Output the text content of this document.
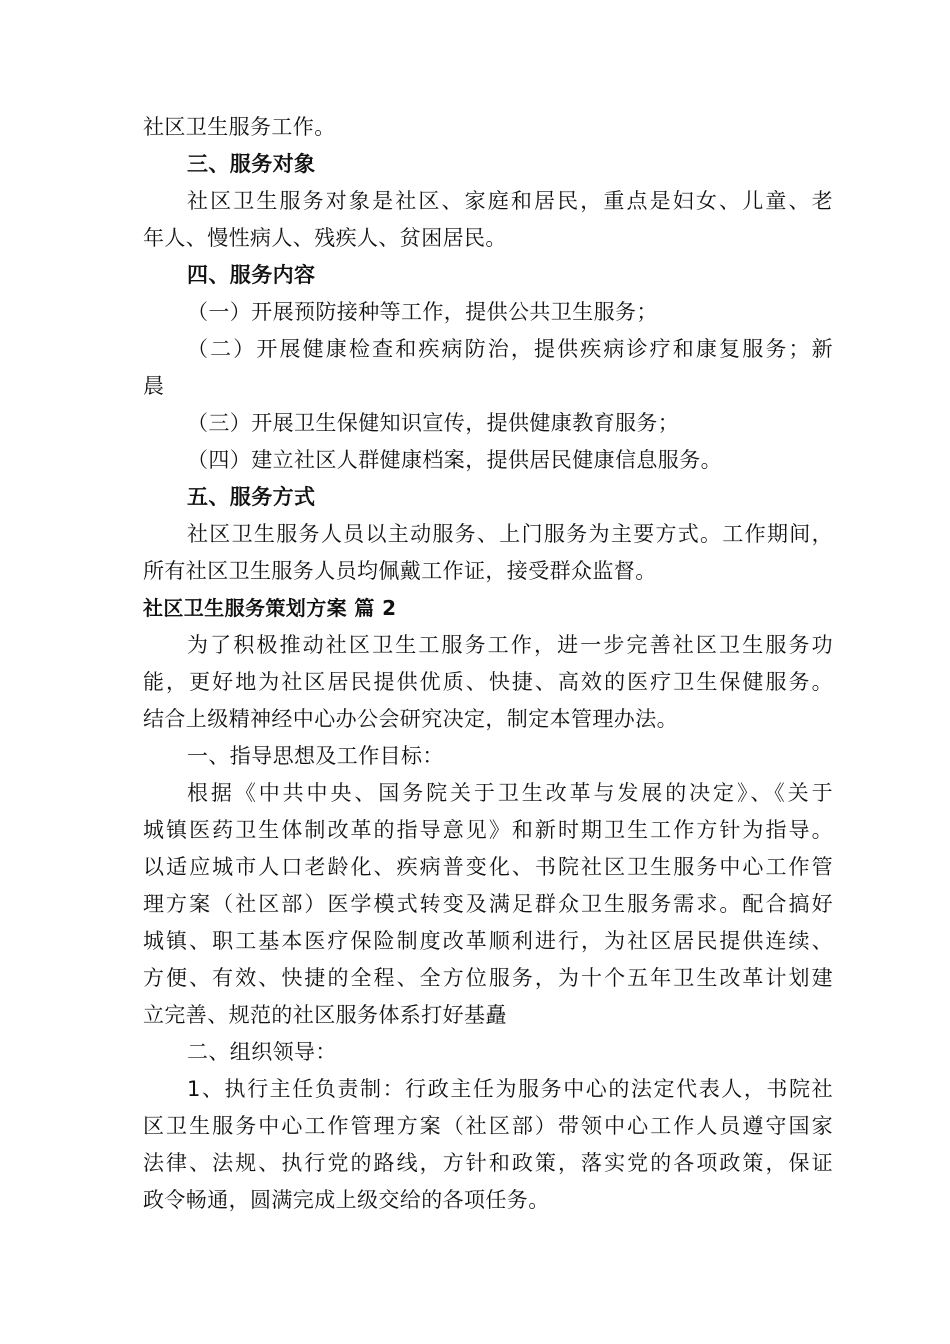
社区卫生服务工作。
三、服务对象
社区卫生服务对象是社区、家庭和居民，重点是妇女、儿童、老
年人、慢性病人、残疾人、贫困居民。
四、服务内容
（一）开展预防接种等工作，提供公共卫生服务；
（二）开展健康检查和疾病防治，提供疾病诊疗和康复服务；新
晨
（三）开展卫生保健知识宣传，提供健康教育服务；
（四）建立社区人群健康档案，提供居民健康信息服务。
五、服务方式
社区卫生服务人员以主动服务、上门服务为主要方式。工作期间，
所有社区卫生服务人员均佩戴工作证，接受群众监督。
社区卫生服务策划方案 篇 2
为了积极推动社区卫生工服务工作，进一步完善社区卫生服务功
能，更好地为社区居民提供优质、快捷、高效的医疗卫生保健服务。
结合上级精神经中心办公会研究决定，制定本管理办法。
一、指导思想及工作目标：
根据《中共中央、国务院关于卫生改革与发展的决定》、《关于
城镇医药卫生体制改革的指导意见》和新时期卫生工作方针为指导。
以适应城市人口老龄化、疾病普变化、书院社区卫生服务中心工作管
理方案（社区部）医学模式转变及满足群众卫生服务需求。配合搞好
城镇、职工基本医疗保险制度改革顺利进行，为社区居民提供连续、
方便、有效、快捷的全程、全方位服务，为十个五年卫生改革计划建
立完善、规范的社区服务体系打好基矗
二、组织领导：
1、执行主任负责制：行政主任为服务中心的法定代表人，书院社
区卫生服务中心工作管理方案（社区部）带领中心工作人员遵守国家
法律、法规、执行党的路线，方针和政策，落实党的各项政策，保证
政令畅通，圆满完成上级交给的各项任务。
